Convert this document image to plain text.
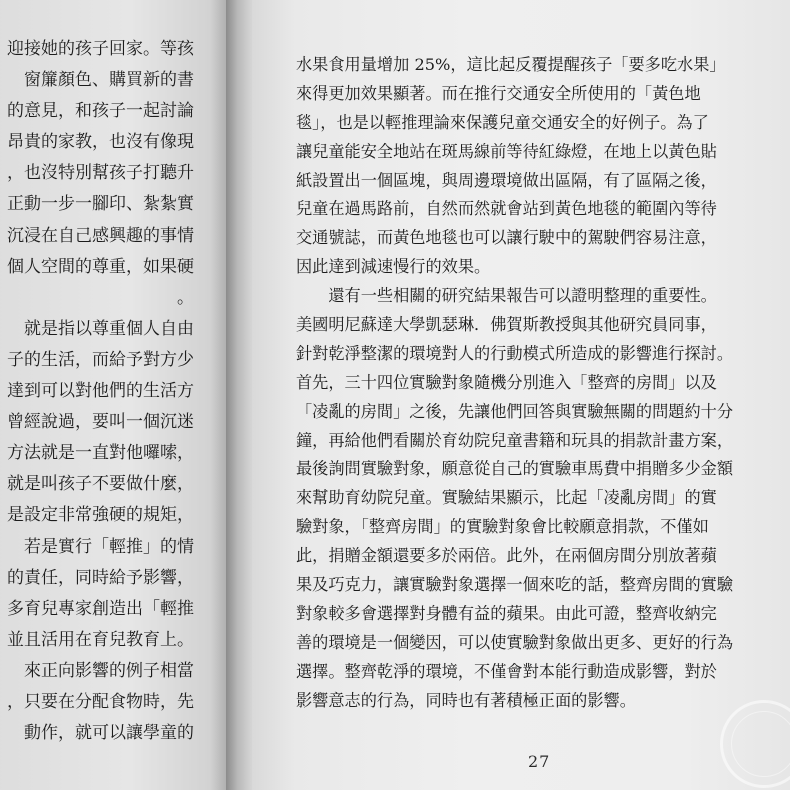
迎接她的孩子回家。等孩
窗簾顏色、購買新的書
的意見，和孩子一起討論
昂貴的家教，也沒有像現
，也沒特別幫孩子打聽升
正動一步一腳印、紮紮實
沉浸在自己感興趣的事情
個人空間的尊重，如果硬
。
就是指以尊重個人自由
子的生活，而給予對方少
達到可以對他們的生活方
曾經說過，要叫一個沉迷
方法就是一直對他囉嗦，
就是叫孩子不要做什麼，
是設定非常強硬的規矩，
若是實行「輕推」的情
的責任，同時給予影響，
多育兒專家創造出「輕推
並且活用在育兒教育上。
來正向影響的例子相當
，只要在分配食物時，先
動作，就可以讓學童的
水果食用量增加 25%，這比起反覆提醒孩子「要多吃水果」
來得更加效果顯著。而在推行交通安全所使用的「黃色地
毯」，也是以輕推理論來保護兒童交通安全的好例子。為了
讓兒童能安全地站在斑馬線前等待紅綠燈，在地上以黃色貼
紙設置出一個區塊，與周邊環境做出區隔，有了區隔之後，
兒童在過馬路前，自然而然就會站到黃色地毯的範圍內等待
交通號誌，而黃色地毯也可以讓行駛中的駕駛們容易注意，
因此達到減速慢行的效果。
　　還有一些相關的研究結果報告可以證明整理的重要性。
美國明尼蘇達大學凱瑟琳．佛賀斯教授與其他研究員同事，
針對乾淨整潔的環境對人的行動模式所造成的影響進行探討。
首先，三十四位實驗對象隨機分別進入「整齊的房間」以及
「凌亂的房間」之後，先讓他們回答與實驗無關的問題約十分
鐘，再給他們看關於育幼院兒童書籍和玩具的捐款計畫方案，
最後詢問實驗對象，願意從自己的實驗車馬費中捐贈多少金額
來幫助育幼院兒童。實驗結果顯示，比起「凌亂房間」的實
驗對象，「整齊房間」的實驗對象會比較願意捐款，不僅如
此，捐贈金額還要多於兩倍。此外，在兩個房間分別放著蘋
果及巧克力，讓實驗對象選擇一個來吃的話，整齊房間的實驗
對象較多會選擇對身體有益的蘋果。由此可證，整齊收納完
善的環境是一個變因，可以使實驗對象做出更多、更好的行為
選擇。整齊乾淨的環境，不僅會對本能行動造成影響，對於
影響意志的行為，同時也有著積極正面的影響。
27
